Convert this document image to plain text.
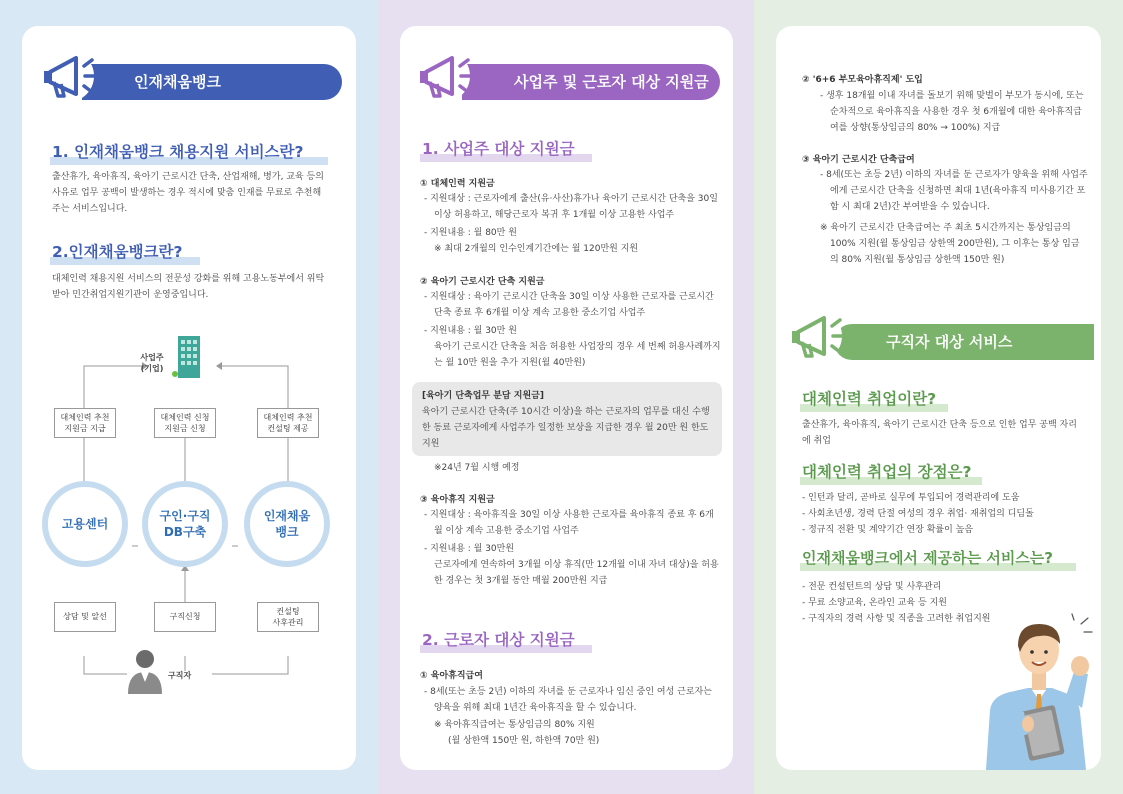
인재채움뱅크
1. 인재채움뱅크 채용지원 서비스란?
출산휴가, 육아휴직, 육아기 근로시간 단축, 산업재해, 병가, 교육 등의 사유로 업무 공백이 발생하는 경우 적시에 맞춤 인재를 무료로 추천해 주는 서비스입니다.
2.인재채움뱅크란?
대체인력 채용지원 서비스의 전문성 강화를 위해 고용노동부에서 위탁받아 민간취업지원기관이 운영중입니다.
사업주
(기업)
대체인력 추천
지원금 지급
대체인력 신청
지원금 신청
대체인력 추천
컨설팅 제공
고용센터
구인·구직
DB구축
인재채움
뱅크
상담 및 알선	구직신청
컨설팅
사후관리
구직자
사업주 및 근로자 대상 지원금
1. 사업주 대상 지원금
① 대체인력 지원금
- 지원대상 : 근로자에게 출산(유·사산)휴가나 육아기 근로시간 단축을 30일 이상 허용하고, 해당근로자 복귀 후 1개월 이상 고용한 사업주
- 지원내용 : 월 80만 원
※ 최대 2개월의 인수인계기간에는 월 120만원 지원
② 육아기 근로시간 단축 지원금
- 지원대상 : 육아기 근로시간 단축을 30일 이상 사용한 근로자를 근로시간 단축 종료 후 6개월 이상 계속 고용한 중소기업 사업주
- 지원내용 : 월 30만 원
육아기 근로시간 단축을 처음 허용한 사업장의 경우 세 번째 허용사례까지는 월 10만 원을 추가 지원(월 40만원)
[육아기 단축업무 분담 지원금]
육아기 근로시간 단축(주 10시간 이상)을 하는 근로자의 업무를 대신 수행한 동료 근로자에게 사업주가 일정한 보상을 지급한 경우 월 20만 원 한도 지원
※24년 7월 시행 예정
③ 육아휴직 지원금
- 지원대상 : 육아휴직을 30일 이상 사용한 근로자를 육아휴직 종료 후 6개월 이상 계속 고용한 중소기업 사업주
- 지원내용 : 월 30만원
근로자에게 연속하여 3개월 이상 휴직(만 12개월 이내 자녀 대상)을 허용한 경우는 첫 3개월 동안 매월 200만원 지급
2. 근로자 대상 지원금
① 육아휴직급여
- 8세(또는 초등 2년) 이하의 자녀를 둔 근로자나 임신 중인 여성 근로자는 양육을 위해 최대 1년간 육아휴직을 할 수 있습니다.
※ 육아휴직급여는 통상임금의 80% 지원
(월 상한액 150만 원, 하한액 70만 원)
② '6+6 부모육아휴직제' 도입
- 생후 18개월 이내 자녀를 돌보기 위해 맞벌이 부모가 동시에, 또는 순차적으로 육아휴직을 사용한 경우 첫 6개월에 대한 육아휴직급여를 상향(통상임금의 80% → 100%) 지급
③ 육아기 근로시간 단축급여
- 8세(또는 초등 2년) 이하의 자녀를 둔 근로자가 양육을 위해 사업주에게 근로시간 단축을 신청하면 최대 1년(육아휴직 미사용기간 포함 시 최대 2년)간 부여받을 수 있습니다.
※ 육아기 근로시간 단축급여는 주 최초 5시간까지는 통상임금의 100% 지원(월 통상임금 상한액 200만원), 그 이후는 통상 임금의 80% 지원(월 통상임금 상한액 150만 원)
구직자 대상 서비스
대체인력 취업이란?
출산휴가, 육아휴직, 육아기 근로시간 단축 등으로 인한 업무 공백 자리에 취업
대체인력 취업의 장점은?
- 인턴과 달리, 곧바로 실무에 투입되어 경력관리에 도움
- 사회초년생, 경력 단절 여성의 경우 취업· 재취업의 디딤돌
- 정규직 전환 및 계약기간 연장 확률이 높음
인재채움뱅크에서 제공하는 서비스는?
- 전문 컨설턴트의 상담 및 사후관리
- 무료 소양교육, 온라인 교육 등 지원
- 구직자의 경력 사항 및 직종을 고려한 취업지원
